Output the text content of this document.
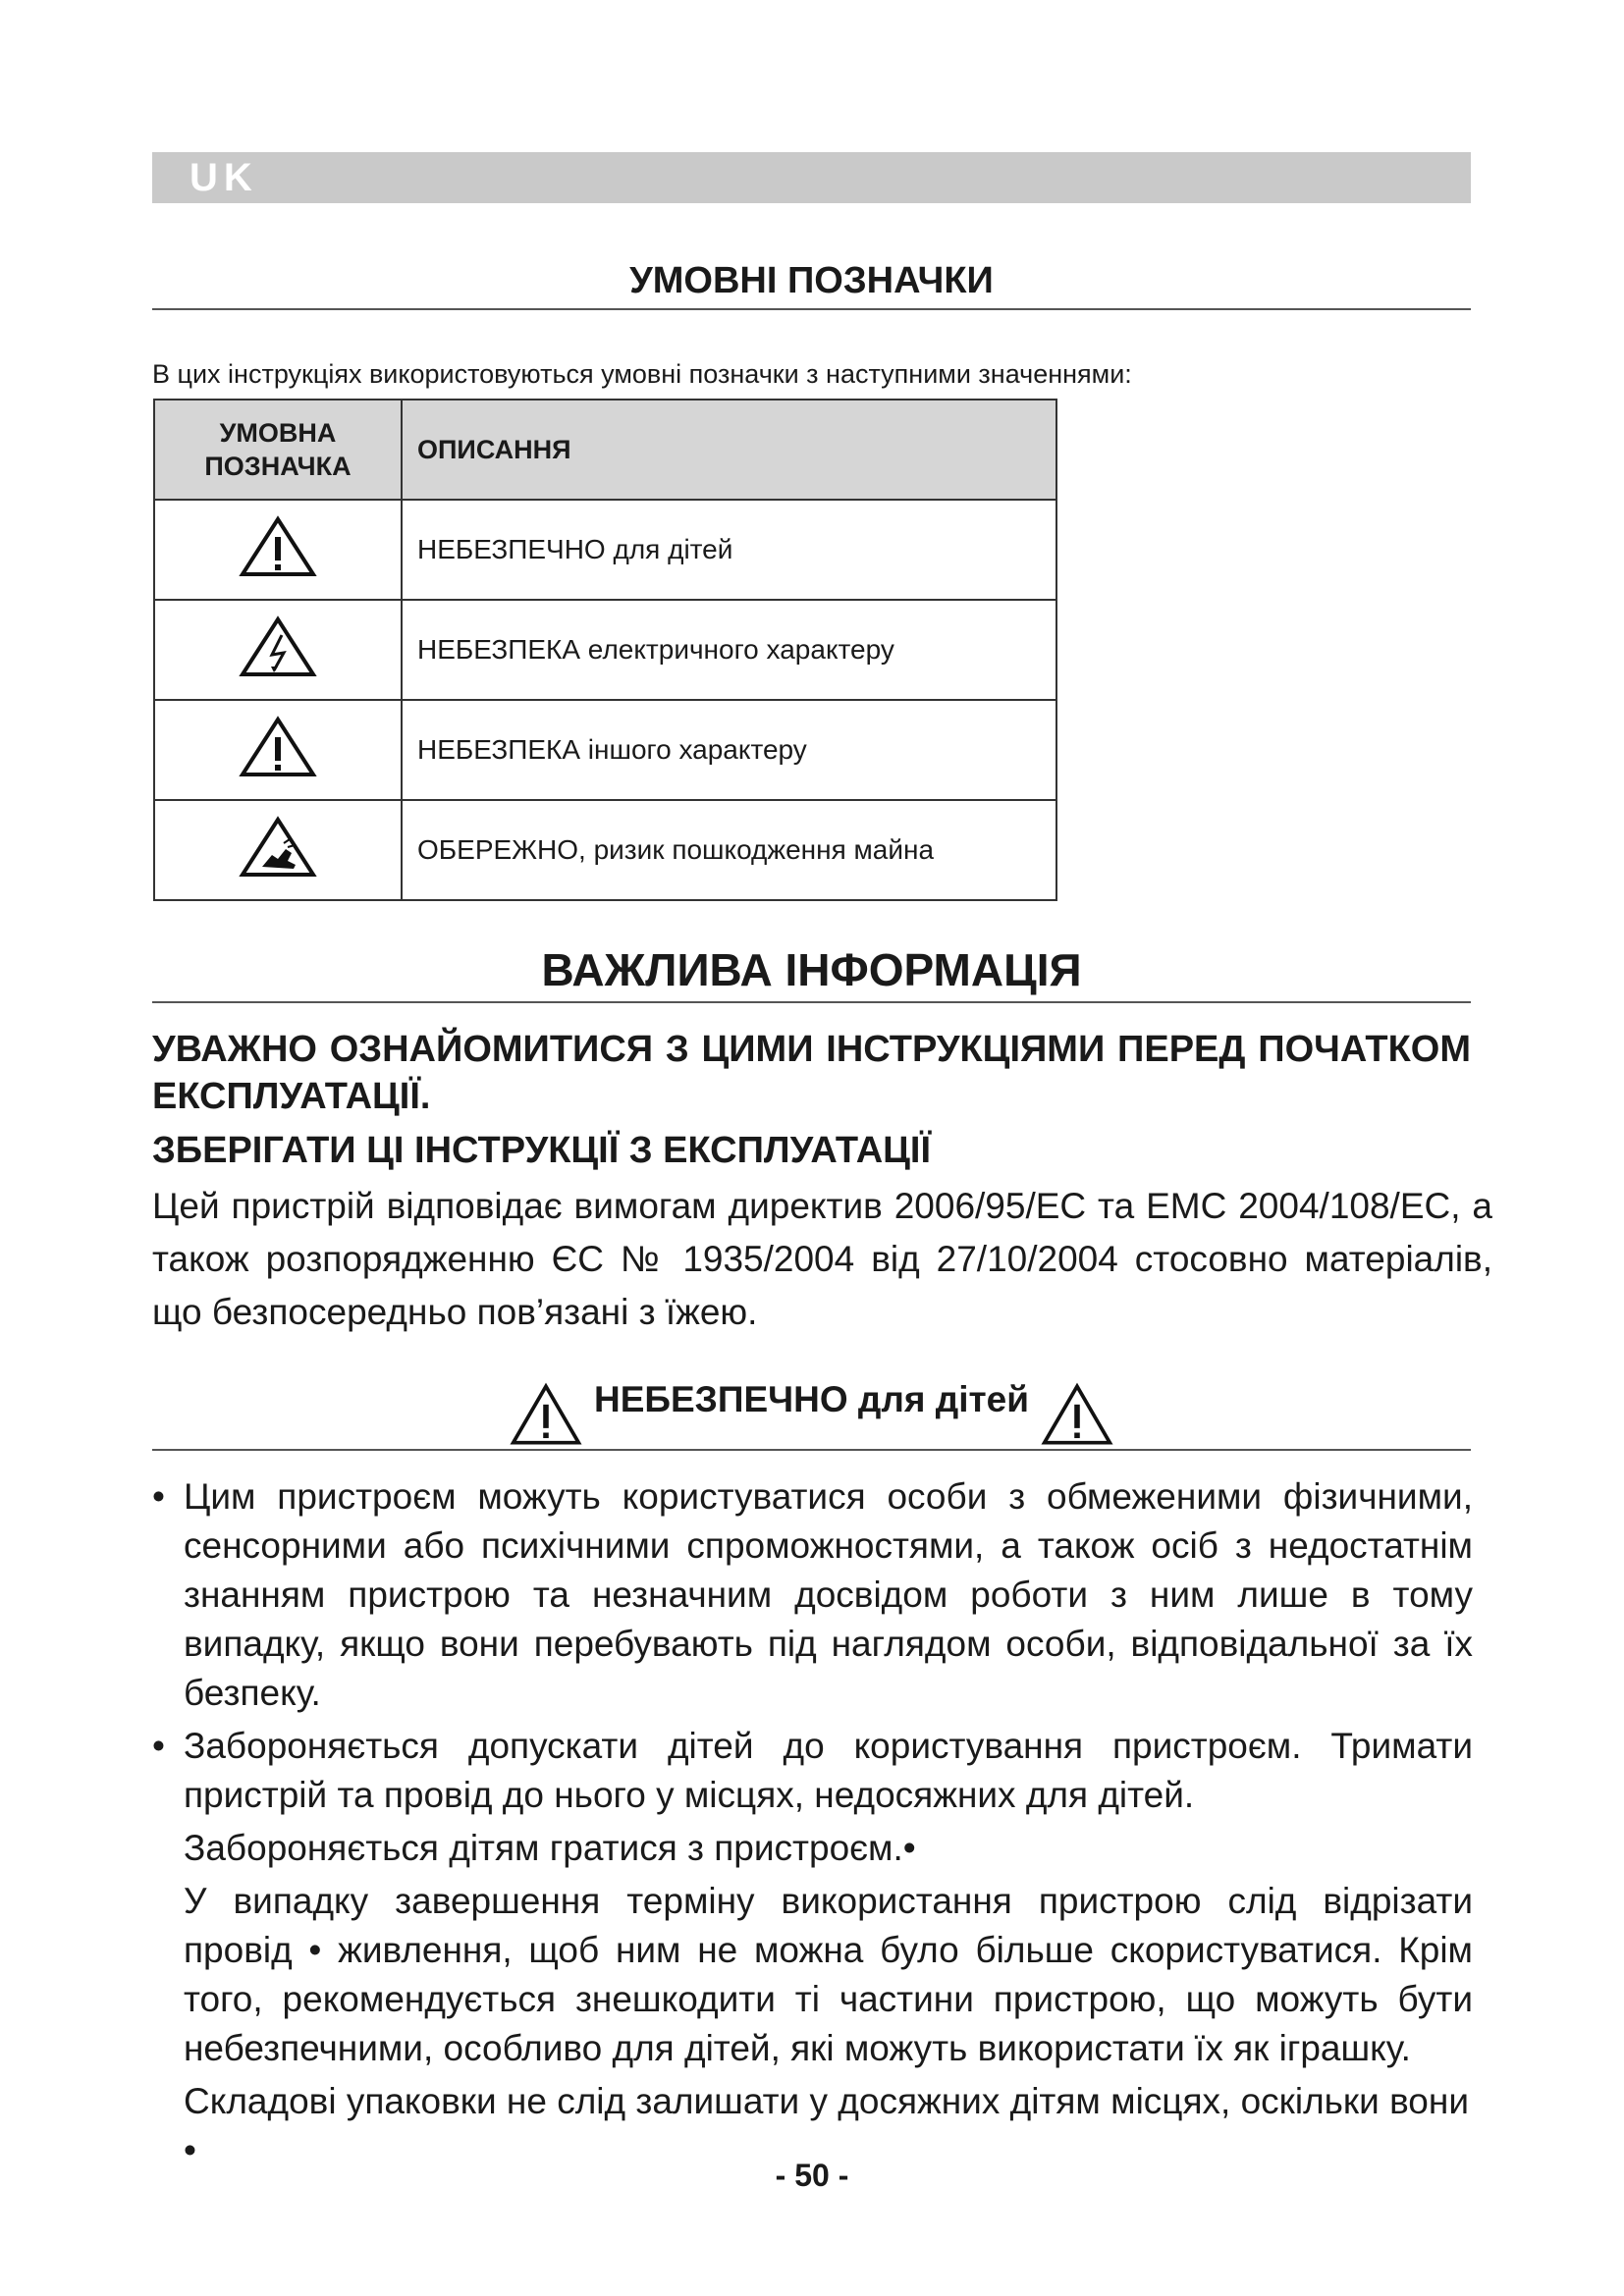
UK
УМОВНІ ПОЗНАЧКИ
В цих інструкціях використовуються умовні позначки з наступними значеннями:
УМОВНА ПОЗНАЧКА	ОПИСАННЯ
	НЕБЕЗПЕЧНО для дітей
	НЕБЕЗПЕКА електричного характеру
	НЕБЕЗПЕКА іншого характеру
	ОБЕРЕЖНО, ризик пошкодження майна
ВАЖЛИВА ІНФОРМАЦІЯ
УВАЖНО ОЗНАЙОМИТИСЯ З ЦИМИ ІНСТРУКЦІЯМИ ПЕРЕД ПОЧАТКОМ ЕКСПЛУАТАЦІЇ.
ЗБЕРІГАТИ ЦІ ІНСТРУКЦІЇ З ЕКСПЛУАТАЦІЇ
Цей пристрій відповідає вимогам директив 2006/95/ЕС та ЕМС 2004/108/ЕС, а також розпорядженню ЄС № 1935/2004 від 27/10/2004 стосовно матеріалів, що безпосередньо пов’язані з їжею.
НЕБЕЗПЕЧНО для дітей
• Цим пристроєм можуть користуватися особи з обмеженими фізичними, сенсорними або психічними спроможностями, а також осіб з недостатнім знанням пристрою та незначним досвідом роботи з ним лише в тому випадку, якщо вони перебувають під наглядом особи, відповідальної за їх безпеку.
• Забороняється допускати дітей до користування пристроєм. Тримати пристрій та провід до нього у місцях, недосяжних для дітей.
Забороняється дітям гратися з пристроєм.•
У випадку завершення терміну використання пристрою слід відрізати провід • живлення, щоб ним не можна було більше скористуватися. Крім того, рекомендується знешкодити ті частини пристрою, що можуть бути небезпечними, особливо для дітей, які можуть використати їх як іграшку.
Складові упаковки не слід залишати у досяжних дітям місцях, оскільки вони •
- 50 -
